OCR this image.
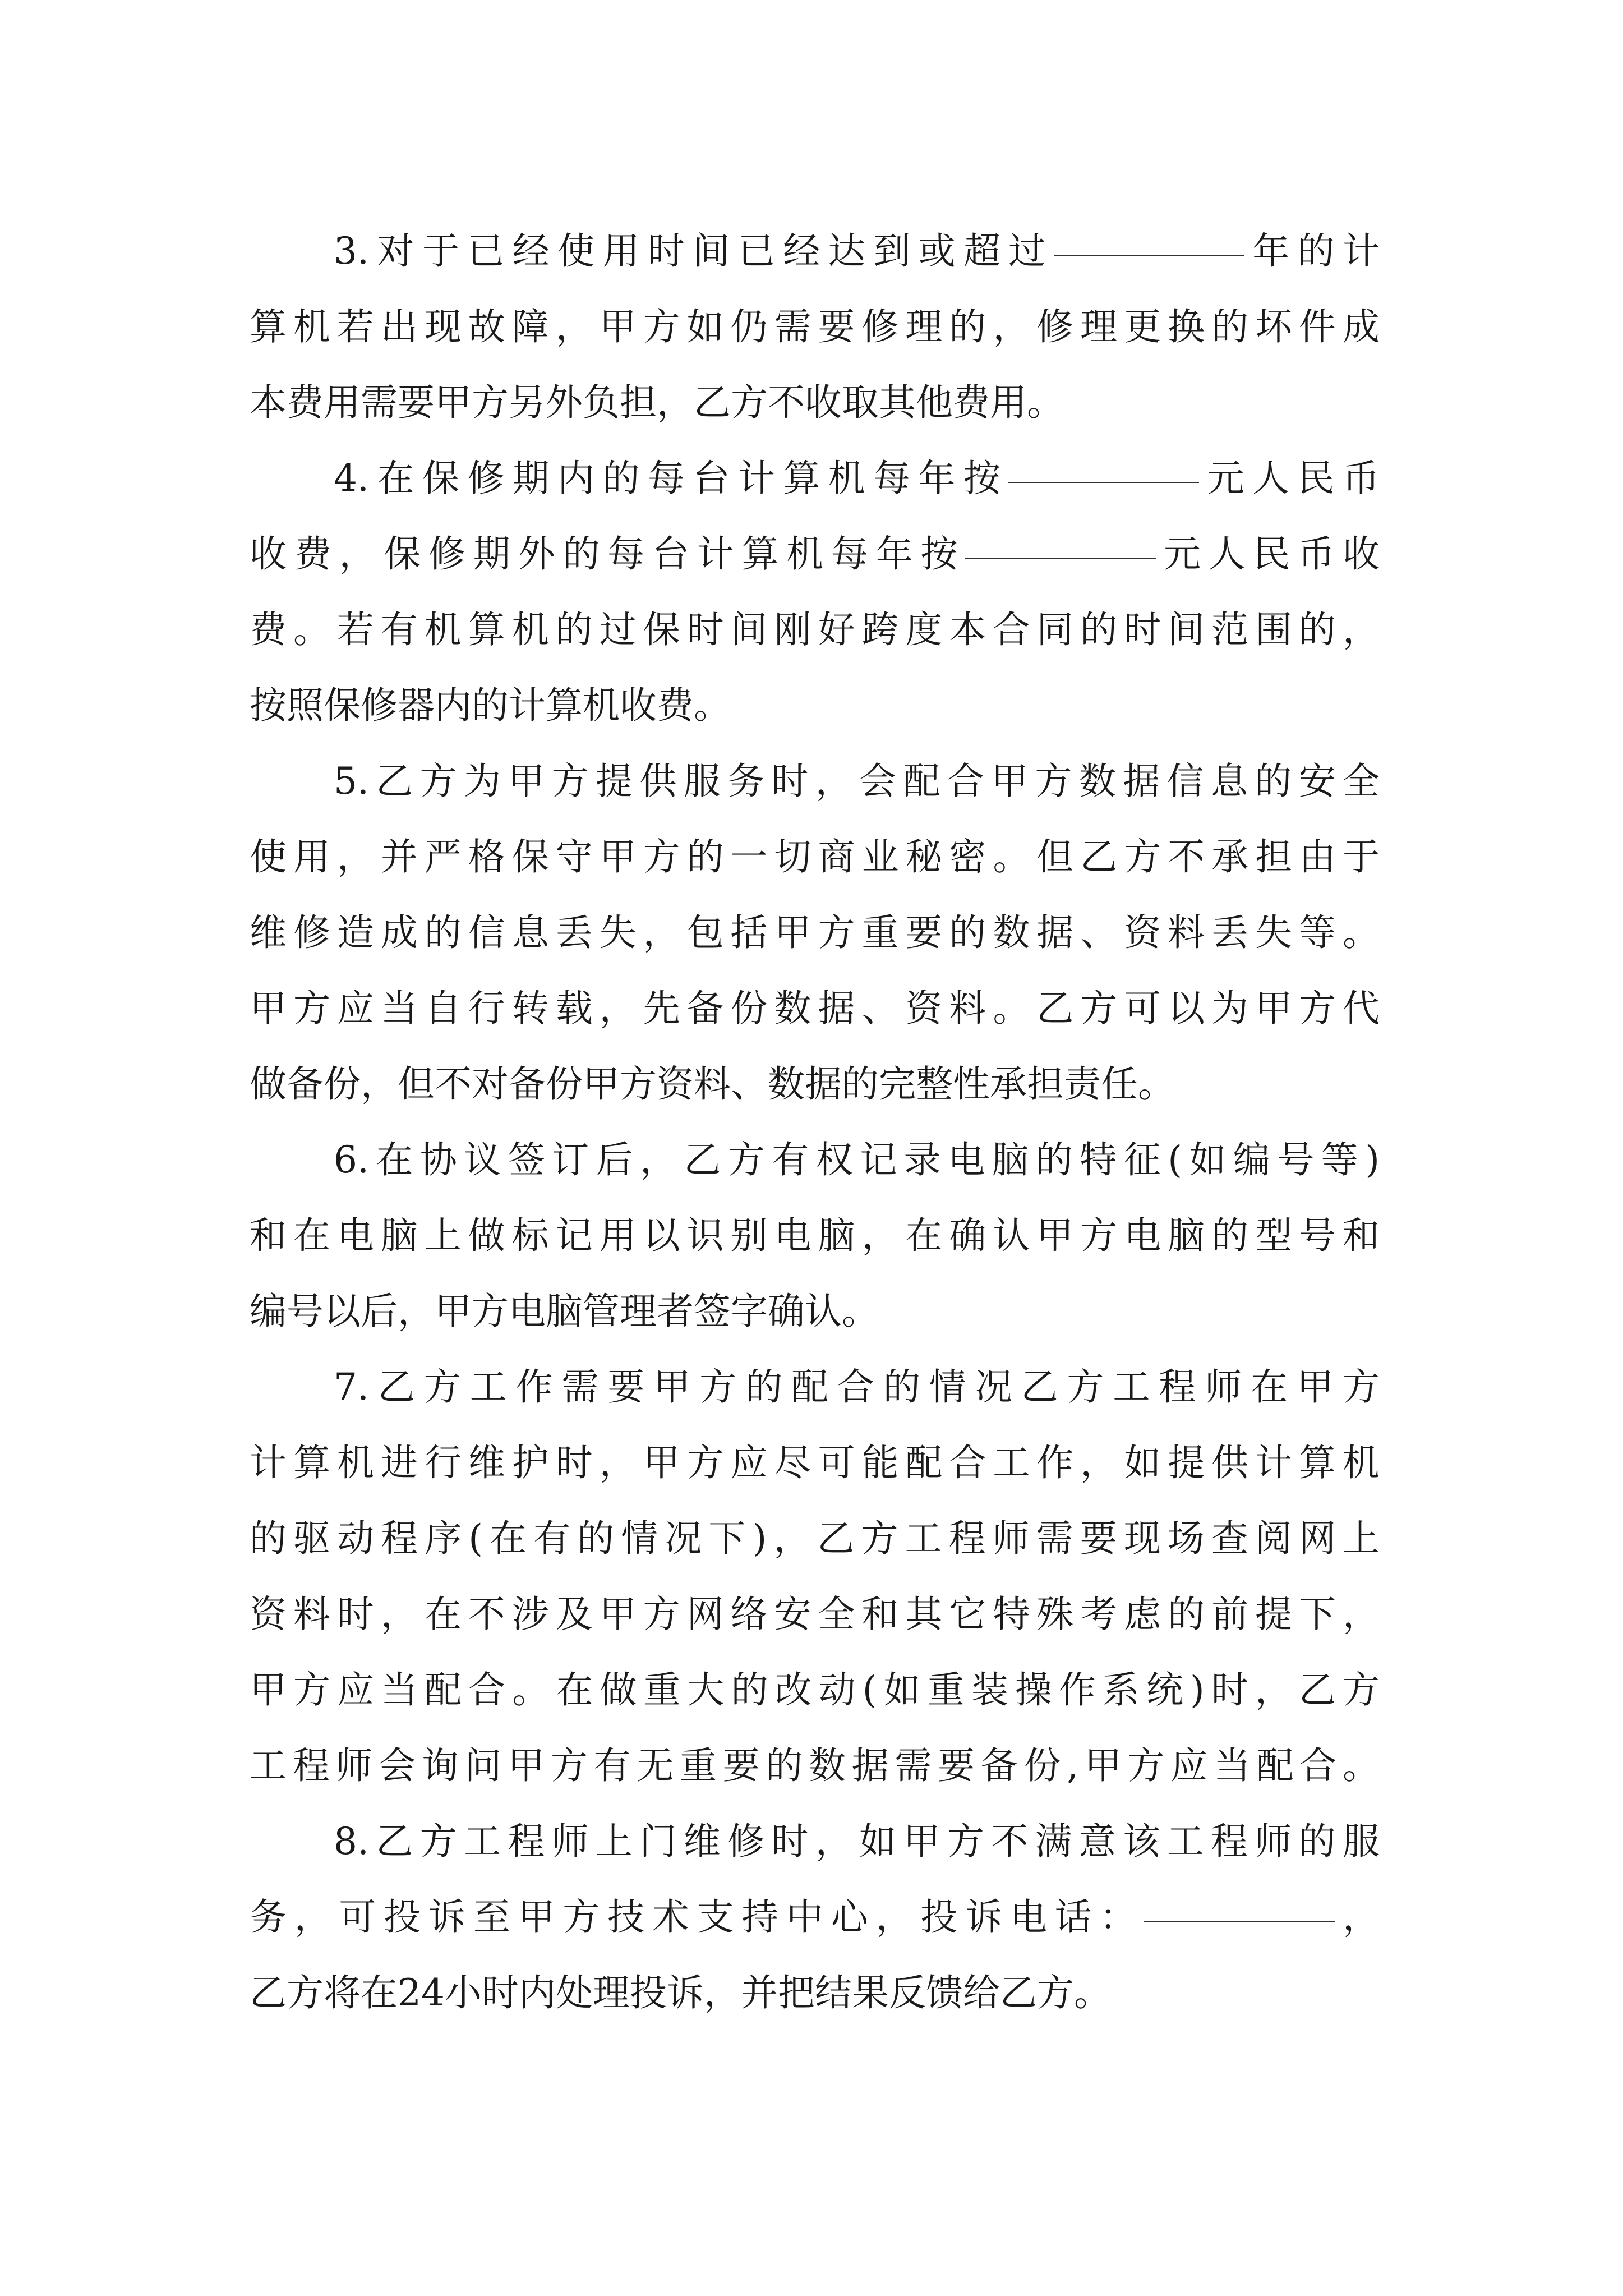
3.对于已经使用时间已经达到或超过	年的计
算机若出现故障，甲方如仍需要修理的，修理更换的坏件成
本费用需要甲方另外负担，乙方不收取其他费用。
4.在保修期内的每台计算机每年按	元人民币
收费，保修期外的每台计算机每年按	元人民币收
费。若有机算机的过保时间刚好跨度本合同的时间范围的，
按照保修器内的计算机收费。
5.乙方为甲方提供服务时，会配合甲方数据信息的安全
使用，并严格保守甲方的一切商业秘密。但乙方不承担由于
维修造成的信息丢失，包括甲方重要的数据、资料丢失等。
甲方应当自行转载，先备份数据、资料。乙方可以为甲方代
做备份，但不对备份甲方资料、数据的完整性承担责任。
6.在协议签订后，乙方有权记录电脑的特征(如编号等)
和在电脑上做标记用以识别电脑，在确认甲方电脑的型号和
编号以后，甲方电脑管理者签字确认。
7.乙方工作需要甲方的配合的情况乙方工程师在甲方
计算机进行维护时，甲方应尽可能配合工作，如提供计算机
的驱动程序(在有的情况下)，乙方工程师需要现场查阅网上
资料时，在不涉及甲方网络安全和其它特殊考虑的前提下，
甲方应当配合。在做重大的改动(如重装操作系统)时，乙方
工程师会询问甲方有无重要的数据需要备份,甲方应当配合。
8.乙方工程师上门维修时，如甲方不满意该工程师的服
务，可投诉至甲方技术支持中心，投诉电话：	，
乙方将在24小时内处理投诉，并把结果反馈给乙方。
